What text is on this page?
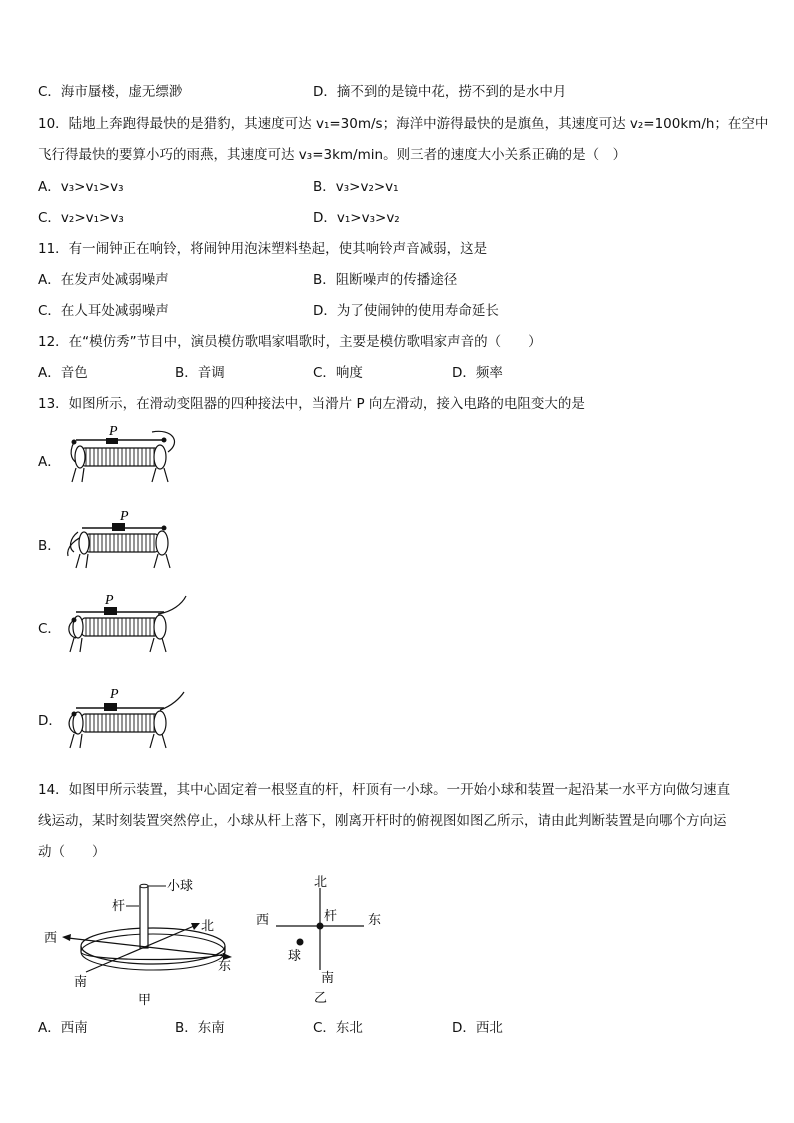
C．海市蜃楼，虚无缥渺	D．摘不到的是镜中花，捞不到的是水中月
10．陆地上奔跑得最快的是猎豹，其速度可达 v₁=30m/s；海洋中游得最快的是旗鱼，其速度可达 v₂=100km/h；在空中
飞行得最快的要算小巧的雨燕，其速度可达 v₃=3km/min。则三者的速度大小关系正确的是（　）
A．v₃>v₁>v₃	B．v₃>v₂>v₁
C．v₂>v₁>v₃	D．v₁>v₃>v₂
11．有一闹钟正在响铃，将闹钟用泡沫塑料垫起，使其响铃声音减弱，这是
A．在发声处减弱噪声	B．阻断噪声的传播途径
C．在人耳处减弱噪声	D．为了使闹钟的使用寿命延长
12．在“模仿秀”节目中，演员模仿歌唱家唱歌时，主要是模仿歌唱家声音的（　　）
A．音色	B．音调	C．响度	D．频率
13．如图所示，在滑动变阻器的四种接法中，当滑片 P 向左滑动，接入电路的电阻变大的是
A．
P
B．
P
C．
P
D．
P
14．如图甲所示装置，其中心固定着一根竖直的杆，杆顶有一小球。一开始小球和装置一起沿某一水平方向做匀速直
线运动，某时刻装置突然停止，小球从杆上落下，刚离开杆时的俯视图如图乙所示，请由此判断装置是向哪个方向运
动（　　）
小球
杆
西
东
北
南
甲
北
杆 东
西
球
南
乙
A．西南	B．东南	C．东北	D．西北
